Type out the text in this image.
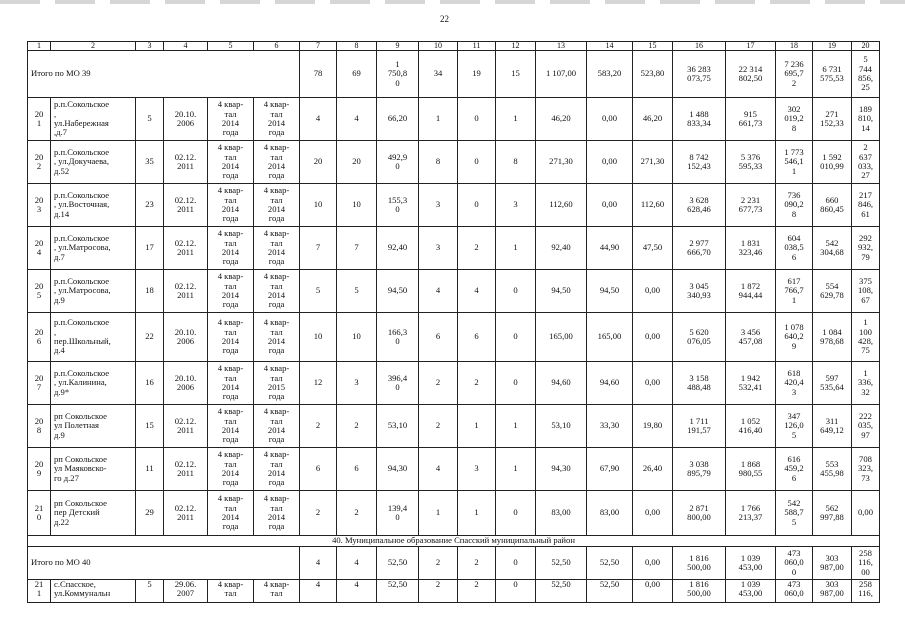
22
1	2	3	4	5	6	7	8	9	10	11	12	13	14	15	16	17	18	19	20

Итого по МО 39						78	69	1
750,8
0	34	19	15	1 107,00	583,20	523,80	36 283
073,75	22 314
802,50	7 236
695,7
2	6 731
575,53	5
744
856,
25

20
1	р.п.Сокольское
,
ул.Набережная
,д.7	5	20.10.
2006	4 квар-
тал
2014
года	4 квар-
тал
2014
года	4	4	66,20	1	0	1	46,20	0,00	46,20	1 488
833,34	915
661,73	302
019,2
8	271
152,33	189
810,
14

20
2	р.п.Сокольское
, ул.Докучаева,
д.52	35	02.12.
2011	4 квар-
тал
2014
года	4 квар-
тал
2014
года	20	20	492,9
0	8	0	8	271,30	0,00	271,30	8 742
152,43	5 376
595,33	1 773
546,1
1	1 592
010,99	2
637
033,
27

20
3	р.п.Сокольское
, ул.Восточная,
д.14	23	02.12.
2011	4 квар-
тал
2014
года	4 квар-
тал
2014
года	10	10	155,3
0	3	0	3	112,60	0,00	112,60	3 628
628,46	2 231
677,73	736
090,2
8	660
860,45	217
846,
61

20
4	р.п.Сокольское
, ул.Матросова,
д.7	17	02.12.
2011	4 квар-
тал
2014
года	4 квар-
тал
2014
года	7	7	92,40	3	2	1	92,40	44,90	47,50	2 977
666,70	1 831
323,46	604
038,5
6	542
304,68	292
932,
79

20
5	р.п.Сокольское
, ул.Матросова,
д.9	18	02.12.
2011	4 квар-
тал
2014
года	4 квар-
тал
2014
года	5	5	94,50	4	4	0	94,50	94,50	0,00	3 045
340,93	1 872
944,44	617
766,7
1	554
629,78	375
108,
67

20
6	р.п.Сокольское
,
пер.Школьный,
д.4	22	20.10.
2006	4 квар-
тал
2014
года	4 квар-
тал
2014
года	10	10	166,3
0	6	6	0	165,00	165,00	0,00	5 620
076,05	3 456
457,08	1 078
640,2
9	1 084
978,68	1
100
428,
75

20
7	р.п.Сокольское
, ул.Калинина,
д.9*	16	20.10.
2006	4 квар-
тал
2014
года	4 квар-
тал
2015
года	12	3	396,4
0	2	2	0	94,60	94,60	0,00	3 158
488,48	1 942
532,41	618
420,4
3	597
535,64	1
336,
32

20
8	рп Сокольское
ул Полетная
д.9	15	02.12.
2011	4 квар-
тал
2014
года	4 квар-
тал
2014
года	2	2	53,10	2	1	1	53,10	33,30	19,80	1 711
191,57	1 052
416,40	347
126,0
5	311
649,12	222
035,
97

20
9	рп Сокольское
ул Маяковско-
го д.27	11	02.12.
2011	4 квар-
тал
2014
года	4 квар-
тал
2014
года	6	6	94,30	4	3	1	94,30	67,90	26,40	3 038
895,79	1 868
980,55	616
459,2
6	553
455,98	708
323,
73

21
0	рп Сокольское
пер Детский
д.22	29	02.12.
2011	4 квар-
тал
2014
года	4 квар-
тал
2014
года	2	2	139,4
0	1	1	0	83,00	83,00	0,00	2 871
800,00	1 766
213,37	542
588,7
5	562
997,88	0,00

40. Муниципальное образование Спасский муниципальный район																			

Итого по МО 40						4	4	52,50	2	2	0	52,50	52,50	0,00	1 816
500,00	1 039
453,00	473
060,0
0	303
987,00	258
116,
00

21
1	с.Спасское,
ул.Коммунальн	5	29.06.
2007	4 квар-
тал	4 квар-
тал	4	4	52,50	2	2	0	52,50	52,50	0,00	1 816
500,00	1 039
453,00	473
060,0	303
987,00	258
116,
